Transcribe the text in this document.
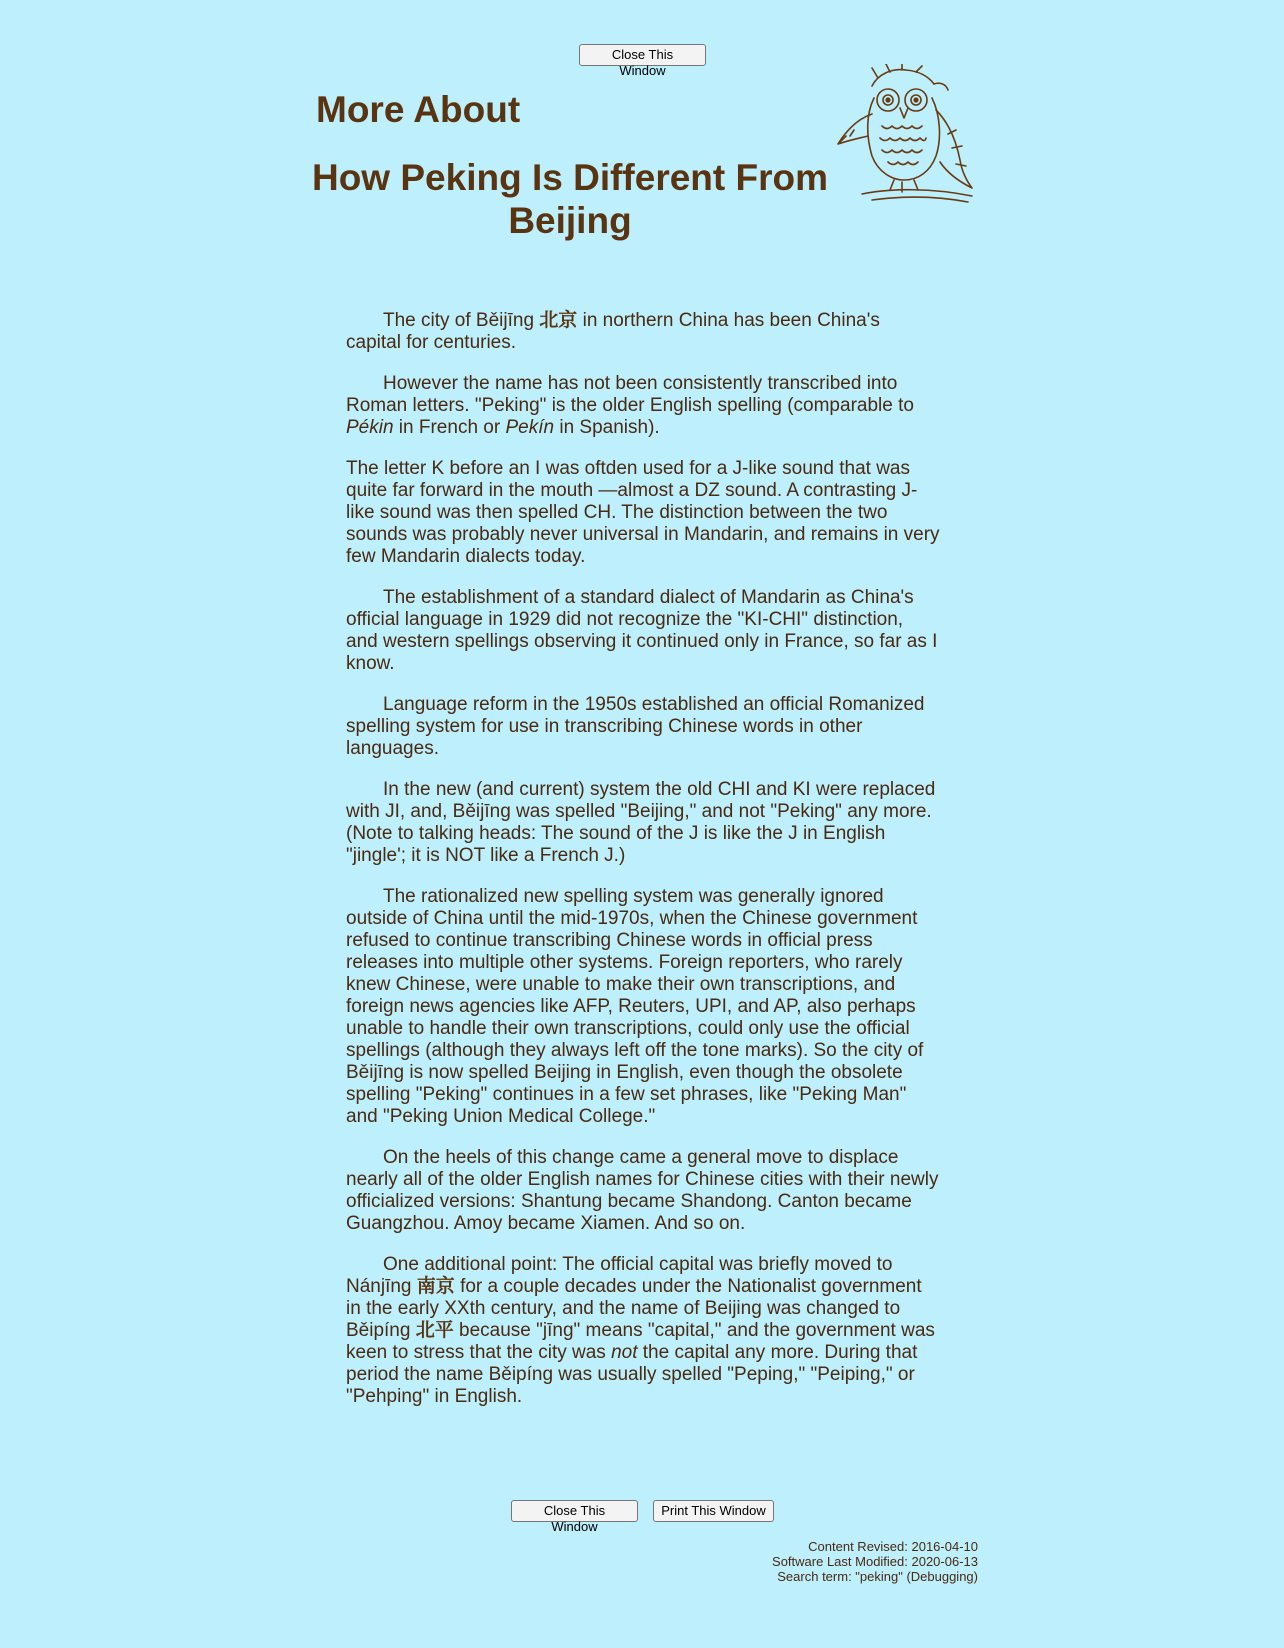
Close This Window
More About
How Peking Is Different From Beijing

The city of Běijīng 北京 in northern China has been China's capital for centuries.

However the name has not been consistently transcribed into Roman letters. "Peking" is the older English spelling (comparable to Pékin in French or Pekín in Spanish).

The letter K before an I was oftden used for a J-like sound that was quite far forward in the mouth —almost a DZ sound. A contrasting J-like sound was then spelled CH. The distinction between the two sounds was probably never universal in Mandarin, and remains in very few Mandarin dialects today.

The establishment of a standard dialect of Mandarin as China's official language in 1929 did not recognize the "KI-CHI" distinction, and western spellings observing it continued only in France, so far as I know.

Language reform in the 1950s established an official Romanized spelling system for use in transcribing Chinese words in other languages.

In the new (and current) system the old CHI and KI were replaced with JI, and, Běijīng was spelled "Beijing," and not "Peking" any more. (Note to talking heads: The sound of the J is like the J in English "jingle'; it is NOT like a French J.)

The rationalized new spelling system was generally ignored outside of China until the mid-1970s, when the Chinese government refused to continue transcribing Chinese words in official press releases into multiple other systems. Foreign reporters, who rarely knew Chinese, were unable to make their own transcriptions, and foreign news agencies like AFP, Reuters, UPI, and AP, also perhaps unable to handle their own transcriptions, could only use the official spellings (although they always left off the tone marks). So the city of Běijīng is now spelled Beijing in English, even though the obsolete spelling "Peking" continues in a few set phrases, like "Peking Man" and "Peking Union Medical College."

On the heels of this change came a general move to displace nearly all of the older English names for Chinese cities with their newly officialized versions: Shantung became Shandong. Canton became Guangzhou. Amoy became Xiamen. And so on.

One additional point: The official capital was briefly moved to Nánjīng 南京 for a couple decades under the Nationalist government in the early XXth century, and the name of Beijing was changed to Běipíng 北平 because "jīng" means "capital," and the government was keen to stress that the city was not the capital any more. During that period the name Běipíng was usually spelled "Peping," "Peiping," or "Pehping" in English.

Close This Window
Print This Window
Content Revised: 2016-04-10
Software Last Modified: 2020-06-13
Search term: "peking" (Debugging)
